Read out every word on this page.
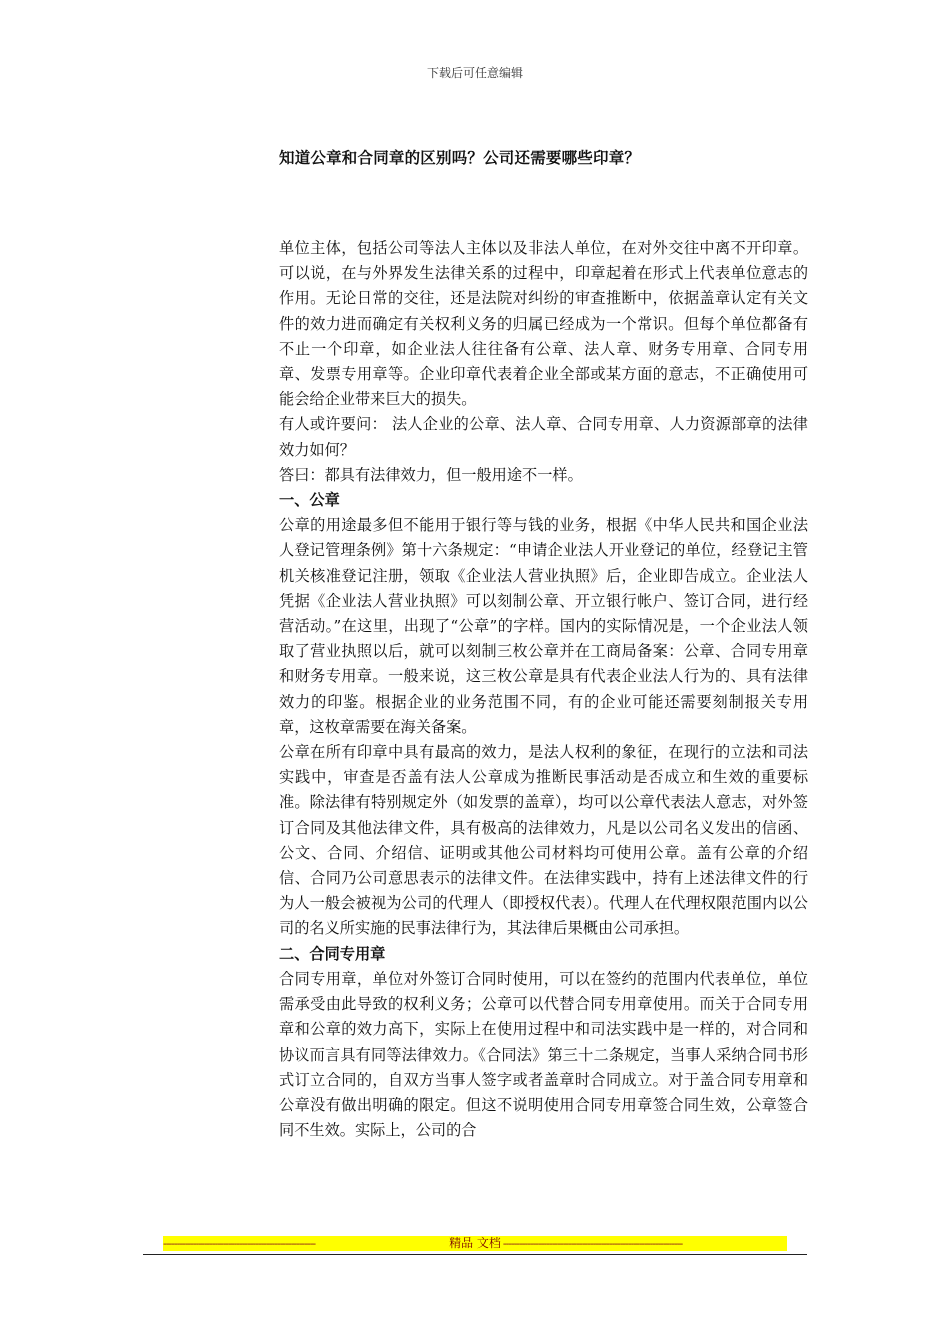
下载后可任意编辑
知道公章和合同章的区别吗？公司还需要哪些印章？

单位主体，包括公司等法人主体以及非法人单位，在对外交往中离不开印章。可以说，在与外界发生法律关系的过程中，印章起着在形式上代表单位意志的作用。无论日常的交往，还是法院对纠纷的审查推断中，依据盖章认定有关文件的效力进而确定有关权利义务的归属已经成为一个常识。但每个单位都备有不止一个印章，如企业法人往往备有公章、法人章、财务专用章、合同专用章、发票专用章等。企业印章代表着企业全部或某方面的意志，不正确使用可能会给企业带来巨大的损失。

有人或许要问： 法人企业的公章、法人章、合同专用章、人力资源部章的法律效力如何？

答曰：都具有法律效力，但一般用途不一样。

一、公章

公章的用途最多但不能用于银行等与钱的业务，根据《中华人民共和国企业法人登记管理条例》第十六条规定：“申请企业法人开业登记的单位，经登记主管机关核准登记注册，领取《企业法人营业执照》后，企业即告成立。企业法人凭据《企业法人营业执照》可以刻制公章、开立银行帐户、签订合同，进行经营活动。”在这里，出现了“公章”的字样。国内的实际情况是，一个企业法人领取了营业执照以后，就可以刻制三枚公章并在工商局备案：公章、合同专用章和财务专用章。一般来说，这三枚公章是具有代表企业法人行为的、具有法律效力的印鉴。根据企业的业务范围不同，有的企业可能还需要刻制报关专用章，这枚章需要在海关备案。

公章在所有印章中具有最高的效力，是法人权利的象征，在现行的立法和司法实践中，审查是否盖有法人公章成为推断民事活动是否成立和生效的重要标准。除法律有特别规定外（如发票的盖章），均可以公章代表法人意志，对外签订合同及其他法律文件，具有极高的法律效力，凡是以公司名义发出的信函、公文、合同、介绍信、证明或其他公司材料均可使用公章。盖有公章的介绍信、合同乃公司意思表示的法律文件。在法律实践中，持有上述法律文件的行为人一般会被视为公司的代理人（即授权代表）。代理人在代理权限范围内以公司的名义所实施的民事法律行为，其法律后果概由公司承担。

二、合同专用章

合同专用章，单位对外签订合同时使用，可以在签约的范围内代表单位，单位需承受由此导致的权利义务；公章可以代替合同专用章使用。而关于合同专用章和公章的效力高下，实际上在使用过程中和司法实践中是一样的，对合同和协议而言具有同等法律效力。《合同法》第三十二条规定，当事人采纳合同书形式订立合同的，自双方当事人签字或者盖章时合同成立。对于盖合同专用章和公章没有做出明确的限定。但这不说明使用合同专用章签合同生效，公章签合同不生效。实际上，公司的合

--------------------------------------------------------	精品 文档 ------------------------------------------------------------------
